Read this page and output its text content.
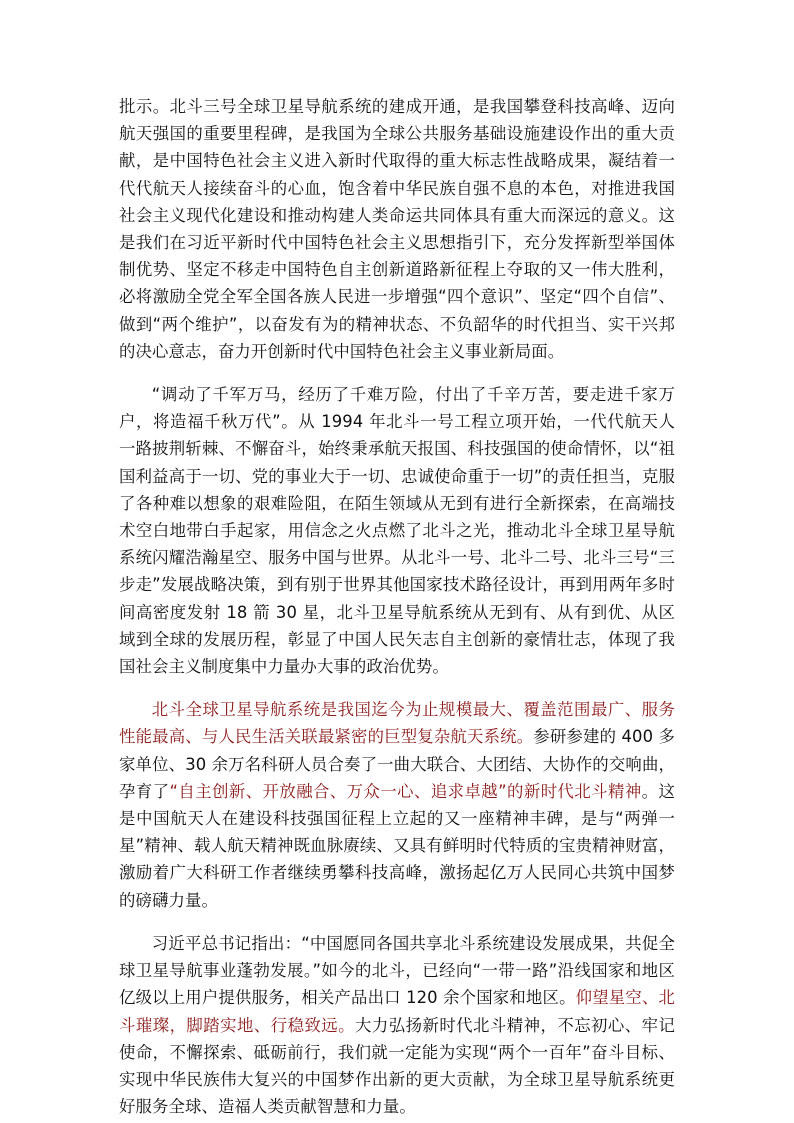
批示。北斗三号全球卫星导航系统的建成开通，是我国攀登科技高峰、迈向航天强国的重要里程碑，是我国为全球公共服务基础设施建设作出的重大贡献，是中国特色社会主义进入新时代取得的重大标志性战略成果，凝结着一代代航天人接续奋斗的心血，饱含着中华民族自强不息的本色，对推进我国社会主义现代化建设和推动构建人类命运共同体具有重大而深远的意义。这是我们在习近平新时代中国特色社会主义思想指引下，充分发挥新型举国体制优势、坚定不移走中国特色自主创新道路新征程上夺取的又一伟大胜利，必将激励全党全军全国各族人民进一步增强“四个意识”、坚定“四个自信”、做到“两个维护”，以奋发有为的精神状态、不负韶华的时代担当、实干兴邦的决心意志，奋力开创新时代中国特色社会主义事业新局面。

“调动了千军万马，经历了千难万险，付出了千辛万苦，要走进千家万户，将造福千秋万代”。从 1994 年北斗一号工程立项开始，一代代航天人一路披荆斩棘、不懈奋斗，始终秉承航天报国、科技强国的使命情怀，以“祖国利益高于一切、党的事业大于一切、忠诚使命重于一切”的责任担当，克服了各种难以想象的艰难险阻，在陌生领域从无到有进行全新探索，在高端技术空白地带白手起家，用信念之火点燃了北斗之光，推动北斗全球卫星导航系统闪耀浩瀚星空、服务中国与世界。从北斗一号、北斗二号、北斗三号“三步走”发展战略决策，到有别于世界其他国家技术路径设计，再到用两年多时间高密度发射 18 箭 30 星，北斗卫星导航系统从无到有、从有到优、从区域到全球的发展历程，彰显了中国人民矢志自主创新的豪情壮志，体现了我国社会主义制度集中力量办大事的政治优势。

北斗全球卫星导航系统是我国迄今为止规模最大、覆盖范围最广、服务性能最高、与人民生活关联最紧密的巨型复杂航天系统。参研参建的 400 多家单位、30 余万名科研人员合奏了一曲大联合、大团结、大协作的交响曲，孕育了“自主创新、开放融合、万众一心、追求卓越”的新时代北斗精神。这是中国航天人在建设科技强国征程上立起的又一座精神丰碑，是与“两弹一星”精神、载人航天精神既血脉赓续、又具有鲜明时代特质的宝贵精神财富，激励着广大科研工作者继续勇攀科技高峰，激扬起亿万人民同心共筑中国梦的磅礴力量。

习近平总书记指出：“中国愿同各国共享北斗系统建设发展成果，共促全球卫星导航事业蓬勃发展。”如今的北斗，已经向“一带一路”沿线国家和地区亿级以上用户提供服务，相关产品出口 120 余个国家和地区。仰望星空、北斗璀璨，脚踏实地、行稳致远。大力弘扬新时代北斗精神，不忘初心、牢记使命，不懈探索、砥砺前行，我们就一定能为实现“两个一百年”奋斗目标、实现中华民族伟大复兴的中国梦作出新的更大贡献，为全球卫星导航系统更好服务全球、造福人类贡献智慧和力量。
